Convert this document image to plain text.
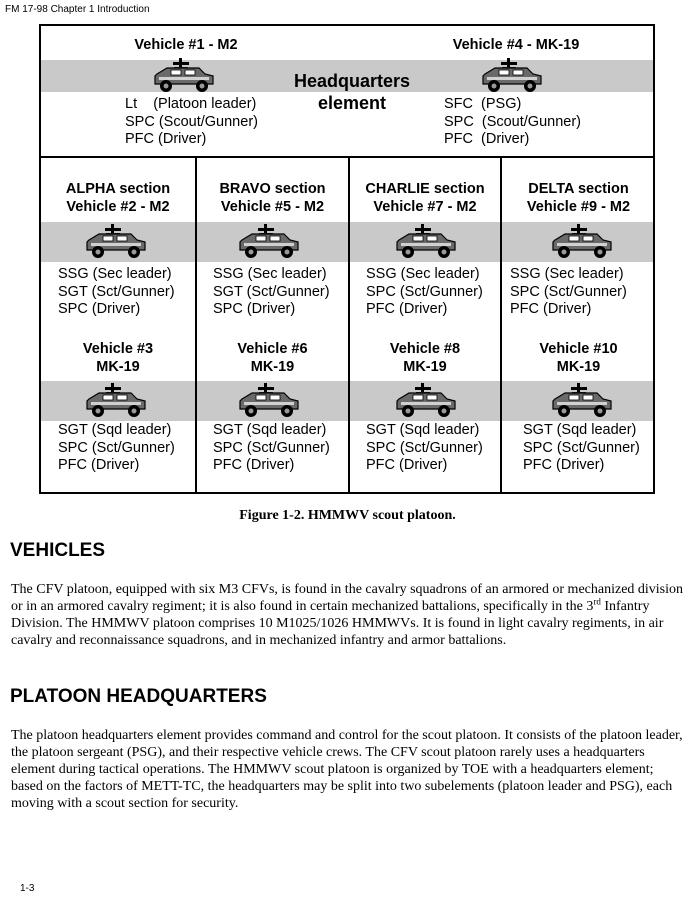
FM 17-98 Chapter 1 Introduction
Vehicle #1 - M2	Vehicle #4 - MK-19
Headquarters
element
Lt    (Platoon leader)
SPC (Scout/Gunner)
PFC (Driver)
SFC  (PSG)
SPC  (Scout/Gunner)
PFC  (Driver)
ALPHA section
Vehicle #2 - M2
SSG (Sec leader)
SGT (Sct/Gunner)
SPC (Driver)
Vehicle #3
MK-19
SGT (Sqd leader)
SPC (Sct/Gunner)
PFC (Driver)
BRAVO section
Vehicle #5 - M2
SSG (Sec leader)
SGT (Sct/Gunner)
SPC (Driver)
Vehicle #6
MK-19
SGT (Sqd leader)
SPC (Sct/Gunner)
PFC (Driver)
CHARLIE section
Vehicle #7 - M2
SSG (Sec leader)
SPC (Sct/Gunner)
PFC (Driver)
Vehicle #8
MK-19
SGT (Sqd leader)
SPC (Sct/Gunner)
PFC (Driver)
DELTA section
Vehicle #9 - M2
SSG (Sec leader)
SPC (Sct/Gunner)
PFC (Driver)
Vehicle #10
MK-19
SGT (Sqd leader)
SPC (Sct/Gunner)
PFC (Driver)
Figure 1-2. HMMWV scout platoon.
VEHICLES

The CFV platoon, equipped with six M3 CFVs, is found in the cavalry squadrons of an armored or mechanized division or in an armored cavalry regiment; it is also found in certain mechanized battalions, specifically in the 3rd Infantry Division. The HMMWV platoon comprises 10 M1025/1026 HMMWVs. It is found in light cavalry regiments, in air cavalry and reconnaissance squadrons, and in mechanized infantry and armor battalions.

PLATOON HEADQUARTERS

The platoon headquarters element provides command and control for the scout platoon. It consists of the platoon leader, the platoon sergeant (PSG), and their respective vehicle crews. The CFV scout platoon rarely uses a headquarters element during tactical operations. The HMMWV scout platoon is organized by TOE with a headquarters element; based on the factors of METT-TC, the headquarters may be split into two subelements (platoon leader and PSG), each moving with a scout section for security.

1-3
